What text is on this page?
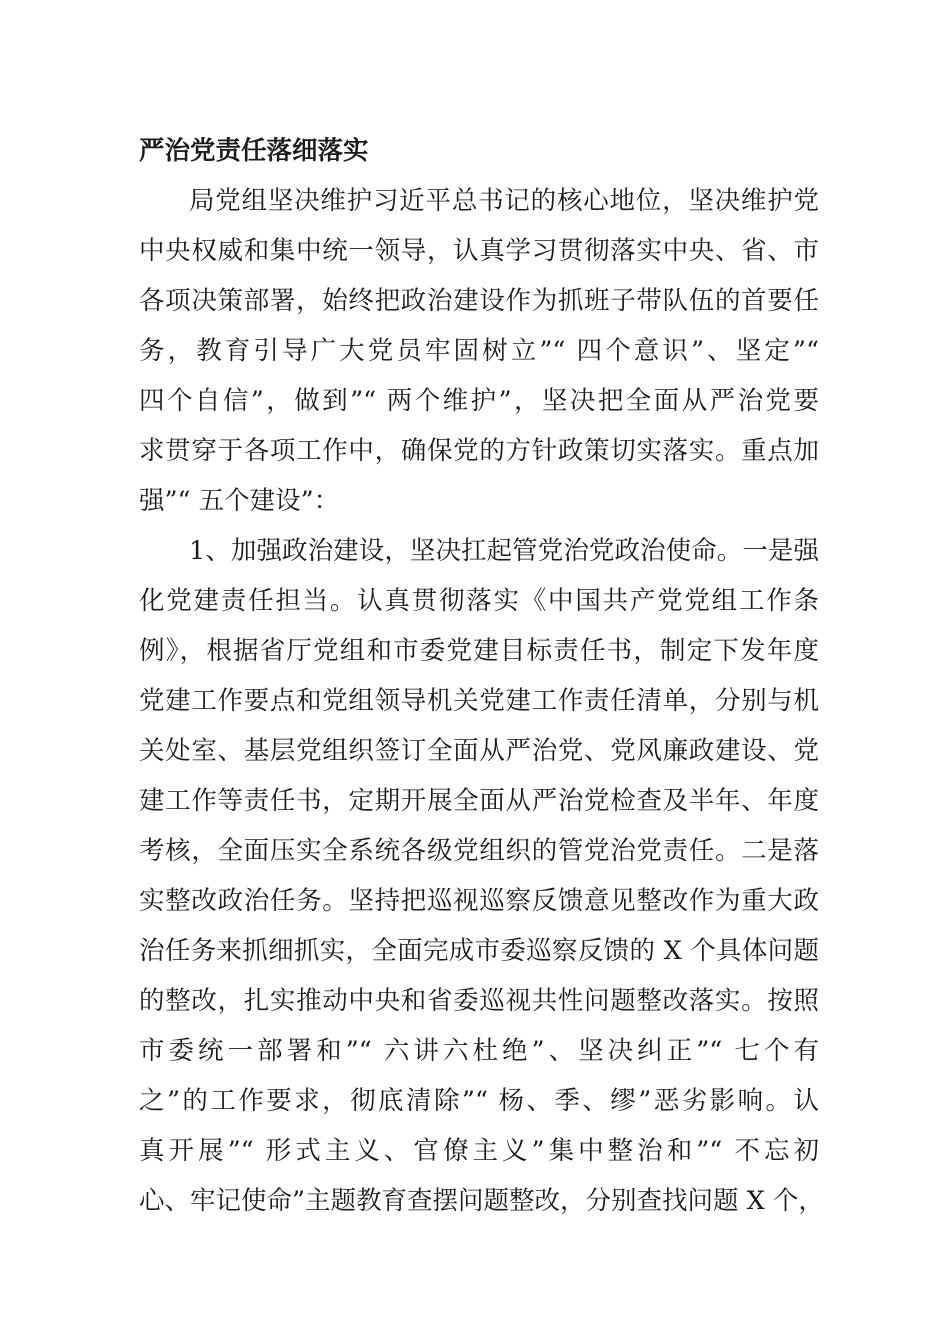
严治党责任落细落实
局党组坚决维护习近平总书记的核心地位，坚决维护党
中央权威和集中统一领导，认真学习贯彻落实中央、省、市
各项决策部署，始终把政治建设作为抓班子带队伍的首要任
务，教育引导广大党员牢固树立”“ 四个意识”、坚定”“
四个自信”，做到”“ 两个维护”，坚决把全面从严治党要
求贯穿于各项工作中，确保党的方针政策切实落实。重点加
强”“ 五个建设”：
1、加强政治建设，坚决扛起管党治党政治使命。一是强
化党建责任担当。认真贯彻落实《中国共产党党组工作条
例》，根据省厅党组和市委党建目标责任书，制定下发年度
党建工作要点和党组领导机关党建工作责任清单，分别与机
关处室、基层党组织签订全面从严治党、党风廉政建设、党
建工作等责任书，定期开展全面从严治党检查及半年、年度
考核，全面压实全系统各级党组织的管党治党责任。二是落
实整改政治任务。坚持把巡视巡察反馈意见整改作为重大政
治任务来抓细抓实，全面完成市委巡察反馈的 X 个具体问题
的整改，扎实推动中央和省委巡视共性问题整改落实。按照
市委统一部署和”“ 六讲六杜绝”、坚决纠正”“ 七个有
之”的工作要求，彻底清除”“ 杨、季、缪”恶劣影响。认
真开展”“ 形式主义、官僚主义”集中整治和”“ 不忘初
心、牢记使命”主题教育查摆问题整改，分别查找问题 X 个，
